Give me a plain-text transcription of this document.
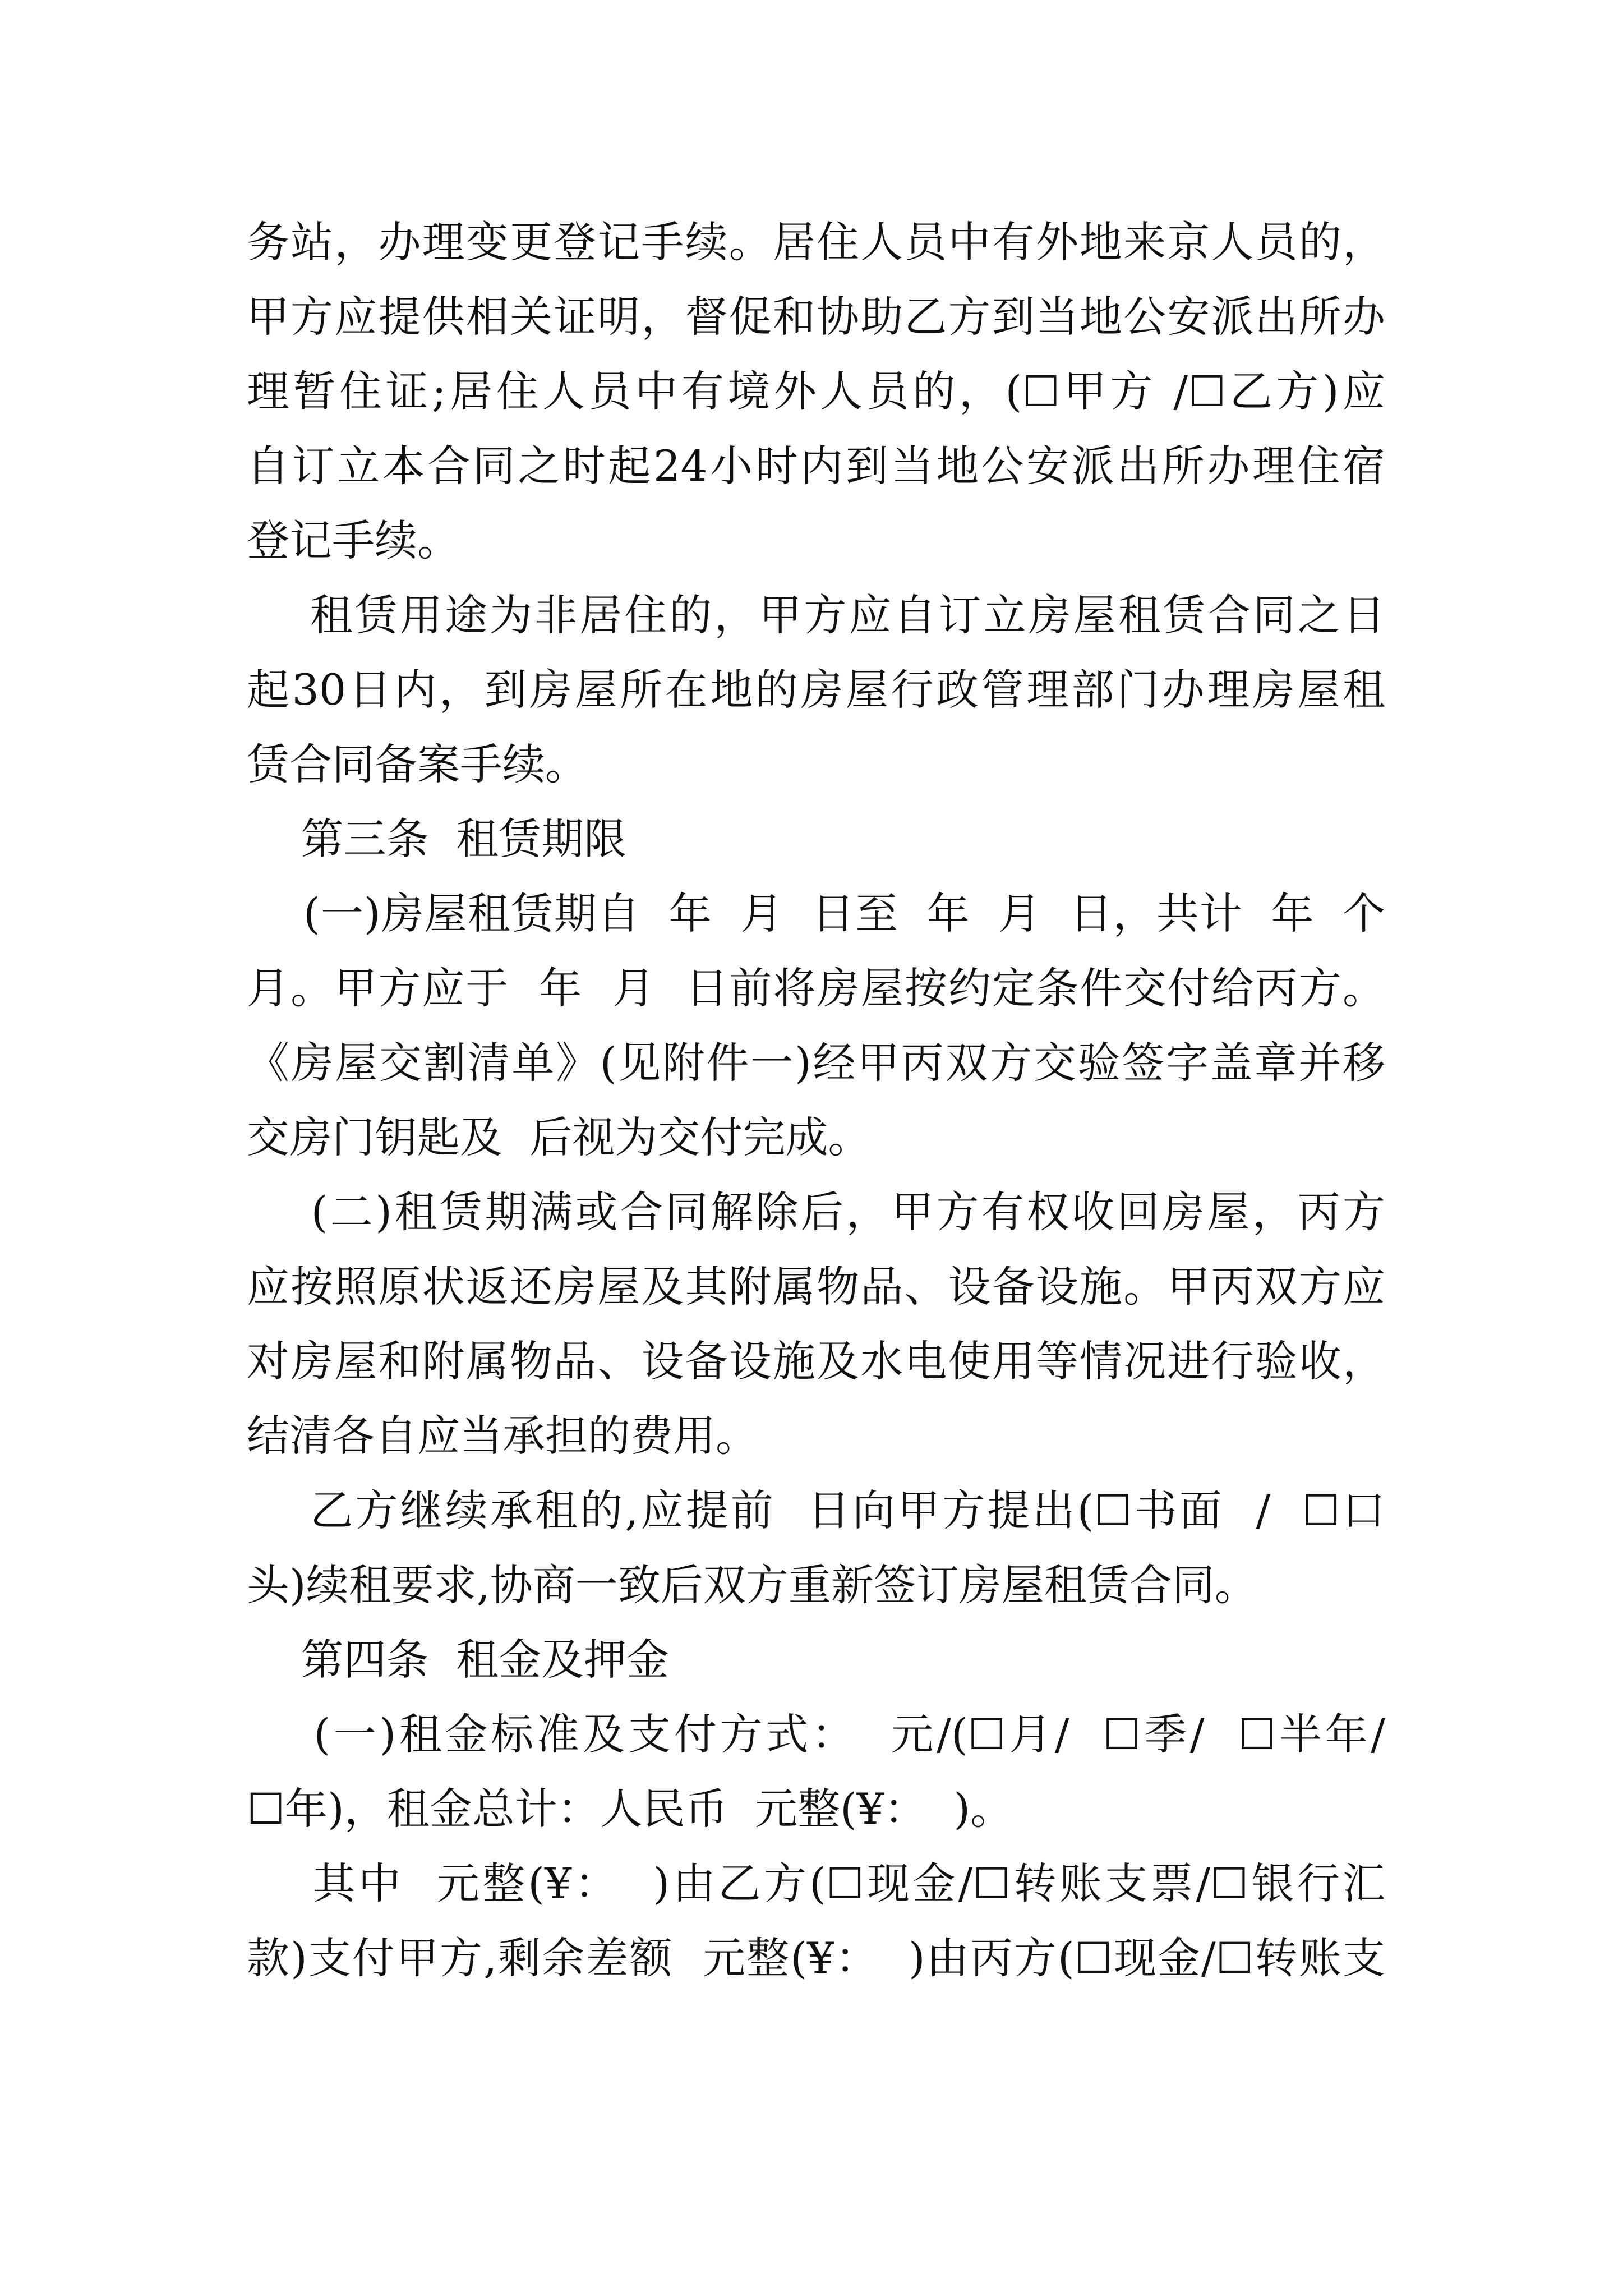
务站，办理变更登记手续。居住人员中有外地来京人员的，
甲方应提供相关证明，督促和协助乙方到当地公安派出所办
理暂住证;居住人员中有境外人员的，(☐甲方 /☐乙方)应
自订立本合同之时起24小时内到当地公安派出所办理住宿
登记手续。
租赁用途为非居住的，甲方应自订立房屋租赁合同之日
起30日内，到房屋所在地的房屋行政管理部门办理房屋租
赁合同备案手续。
第三条  租赁期限
(一)房屋租赁期自  年  月  日至  年  月  日，共计  年  个
月。甲方应于  年  月  日前将房屋按约定条件交付给丙方。
《房屋交割清单》(见附件一)经甲丙双方交验签字盖章并移
交房门钥匙及  后视为交付完成。
(二)租赁期满或合同解除后，甲方有权收回房屋，丙方
应按照原状返还房屋及其附属物品、设备设施。甲丙双方应
对房屋和附属物品、设备设施及水电使用等情况进行验收，
结清各自应当承担的费用。
乙方继续承租的,应提前  日向甲方提出(☐书面  /  ☐口
头)续租要求,协商一致后双方重新签订房屋租赁合同。
第四条  租金及押金
(一)租金标准及支付方式：  元/(☐月/  ☐季/  ☐半年/
☐年)，租金总计：人民币  元整(¥：  )。
其中  元整(¥：  )由乙方(☐现金/☐转账支票/☐银行汇
款)支付甲方,剩余差额  元整(¥：  )由丙方(☐现金/☐转账支
